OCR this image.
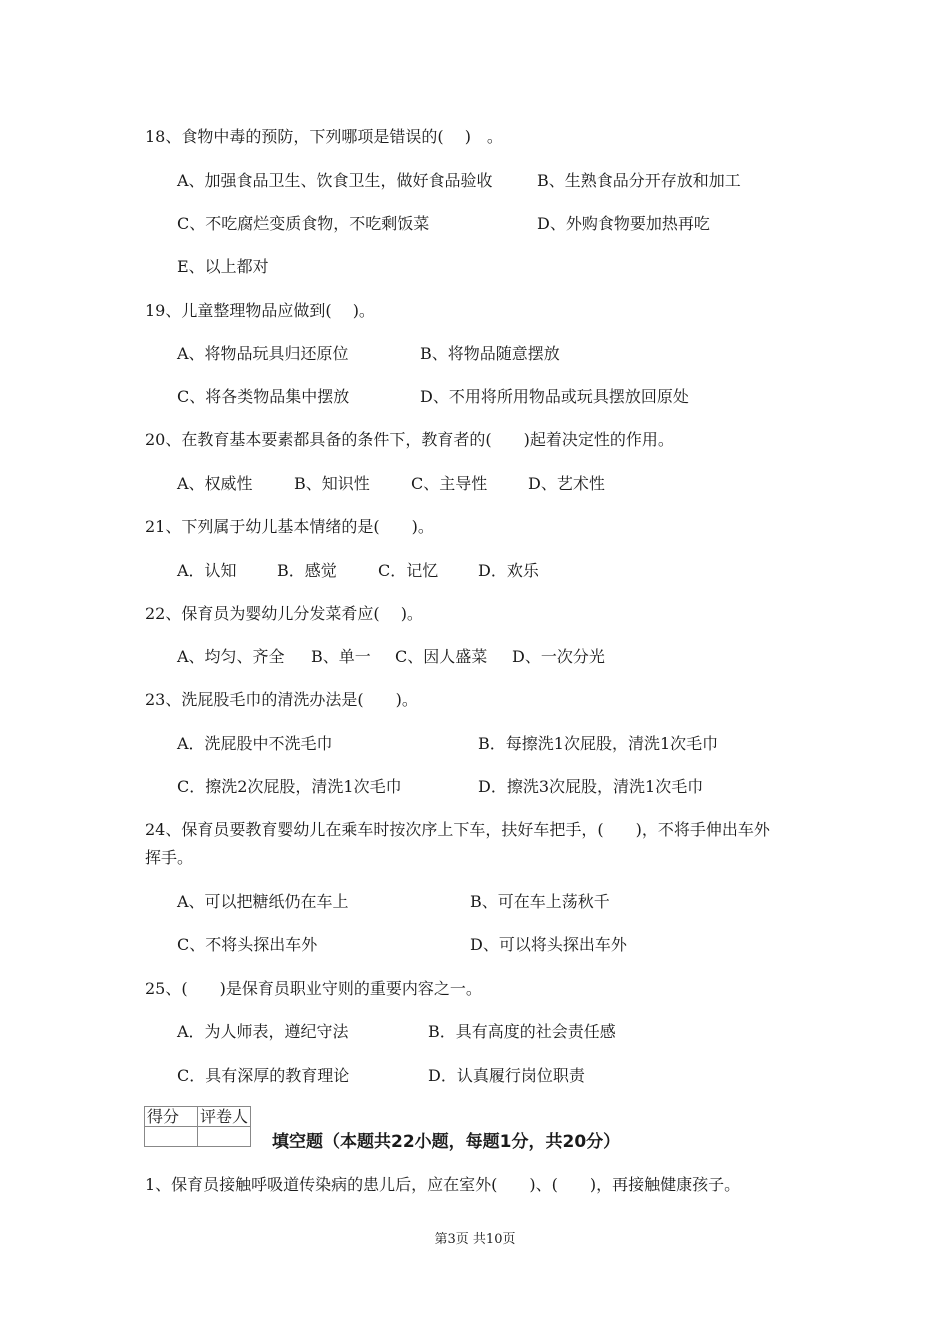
18、食物中毒的预防，下列哪项是错误的(　 )　。
A、加强食品卫生、饮食卫生，做好食品验收	B、生熟食品分开存放和加工
C、不吃腐烂变质食物，不吃剩饭菜	D、外购食物要加热再吃
E、以上都对
19、儿童整理物品应做到(　 )。
A、将物品玩具归还原位	B、将物品随意摆放
C、将各类物品集中摆放	D、不用将所用物品或玩具摆放回原处
20、在教育基本要素都具备的条件下，教育者的(　　)起着决定性的作用。
A、权威性	B、知识性	C、主导性	D、艺术性
21、下列属于幼儿基本情绪的是(　　)。
A．认知	B．感觉	C．记忆 D．欢乐
22、保育员为婴幼儿分发菜肴应(　 )。
A、均匀、齐全 B、单一 C、因人盛菜 D、一次分光
23、洗屁股毛巾的清洗办法是(　　)。
A．洗屁股中不洗毛巾	B．每擦洗1次屁股，清洗1次毛巾
C．擦洗2次屁股，清洗1次毛巾	D．擦洗3次屁股，清洗1次毛巾
24、保育员要教育婴幼儿在乘车时按次序上下车，扶好车把手，(　　)，不将手伸出车外
挥手。
A、可以把糖纸仍在车上	B、可在车上荡秋千
C、不将头探出车外	D、可以将头探出车外
25、(　　)是保育员职业守则的重要内容之一。
A．为人师表，遵纪守法	B．具有高度的社会责任感
C．具有深厚的教育理论	D．认真履行岗位职责
得分	评卷人

填空题（本题共22小题，每题1分，共20分）
1、保育员接触呼吸道传染病的患儿后，应在室外(　　)、(　　)，再接触健康孩子。
第3页 共10页
